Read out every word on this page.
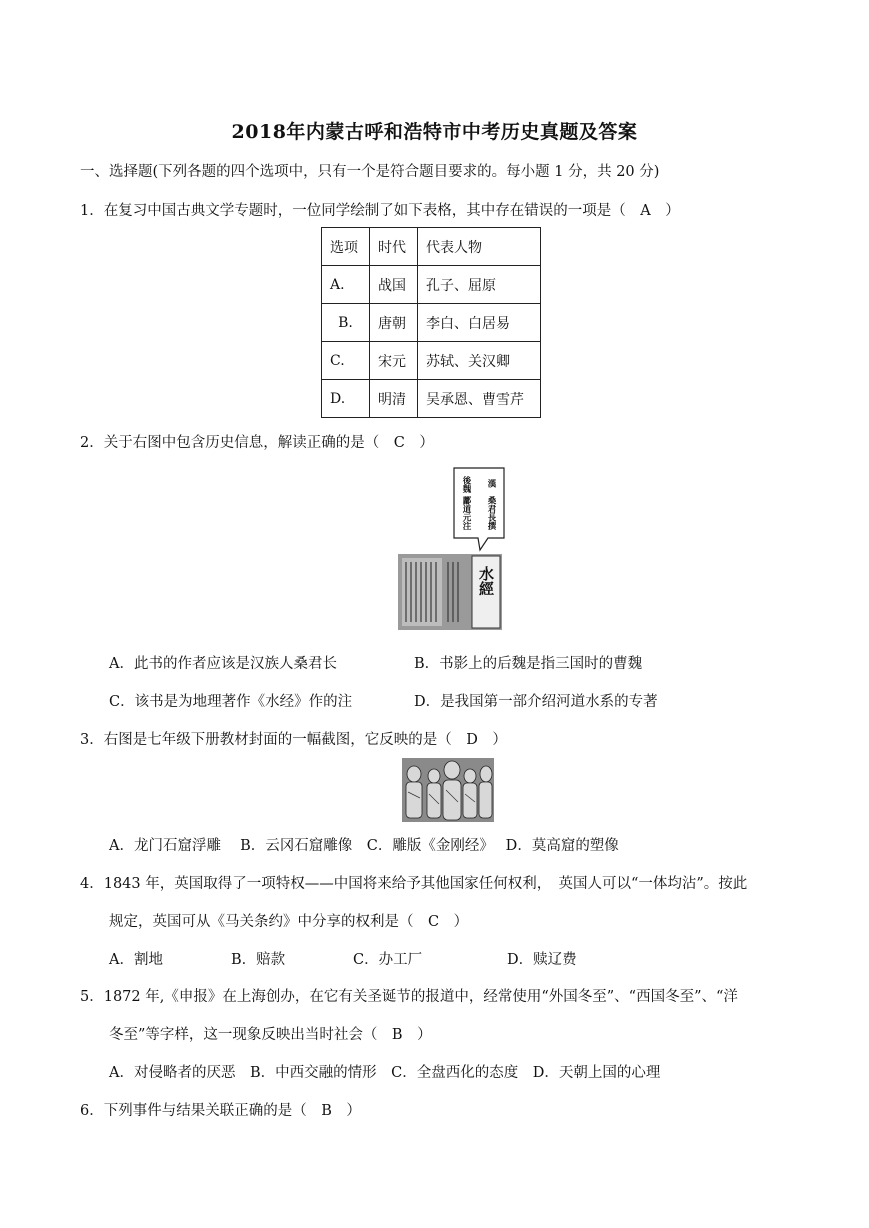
2018年内蒙古呼和浩特市中考历史真题及答案
一、选择题(下列各题的四个选项中，只有一个是符合题目要求的。每小题 1 分，共 20 分)
1．在复习中国古典文学专题时，一位同学绘制了如下表格，其中存在错误的一项是（　A　）
选项	时代	代表人物
A.	战国	孔子、屈原
B.	唐朝	李白、白居易
C.	宋元	苏轼、关汉卿
D.	明清	吴承恩、曹雪芹
2．关于右图中包含历史信息，解读正确的是（　C　）
漢
桑君長撰
後魏
酈道元注
水經
A．此书的作者应该是汉族人桑君长	B．书影上的后魏是指三国时的曹魏
C．该书是为地理著作《水经》作的注	D．是我国第一部介绍河道水系的专著
3．右图是七年级下册教材封面的一幅截图，它反映的是（　D　）
A．龙门石窟浮雕　 B．云冈石窟雕像　C．雕版《金刚经》　 D．莫高窟的塑像
4．1843 年，英国取得了一项特权——中国将来给予其他国家任何权利，　英国人可以“一体均沾”。按此
规定，英国可从《马关条约》中分享的权利是（　C　）
A．割地	B．赔款	C．办工厂	D．赎辽费
5．1872 年,《申报》在上海创办，在它有关圣诞节的报道中，经常使用“外国冬至”、“西国冬至”、“洋
冬至”等字样，这一现象反映出当时社会（　B　）
A．对侵略者的厌恶　B．中西交融的情形　C．全盘西化的态度　D．天朝上国的心理
6．下列事件与结果关联正确的是（　B　）
